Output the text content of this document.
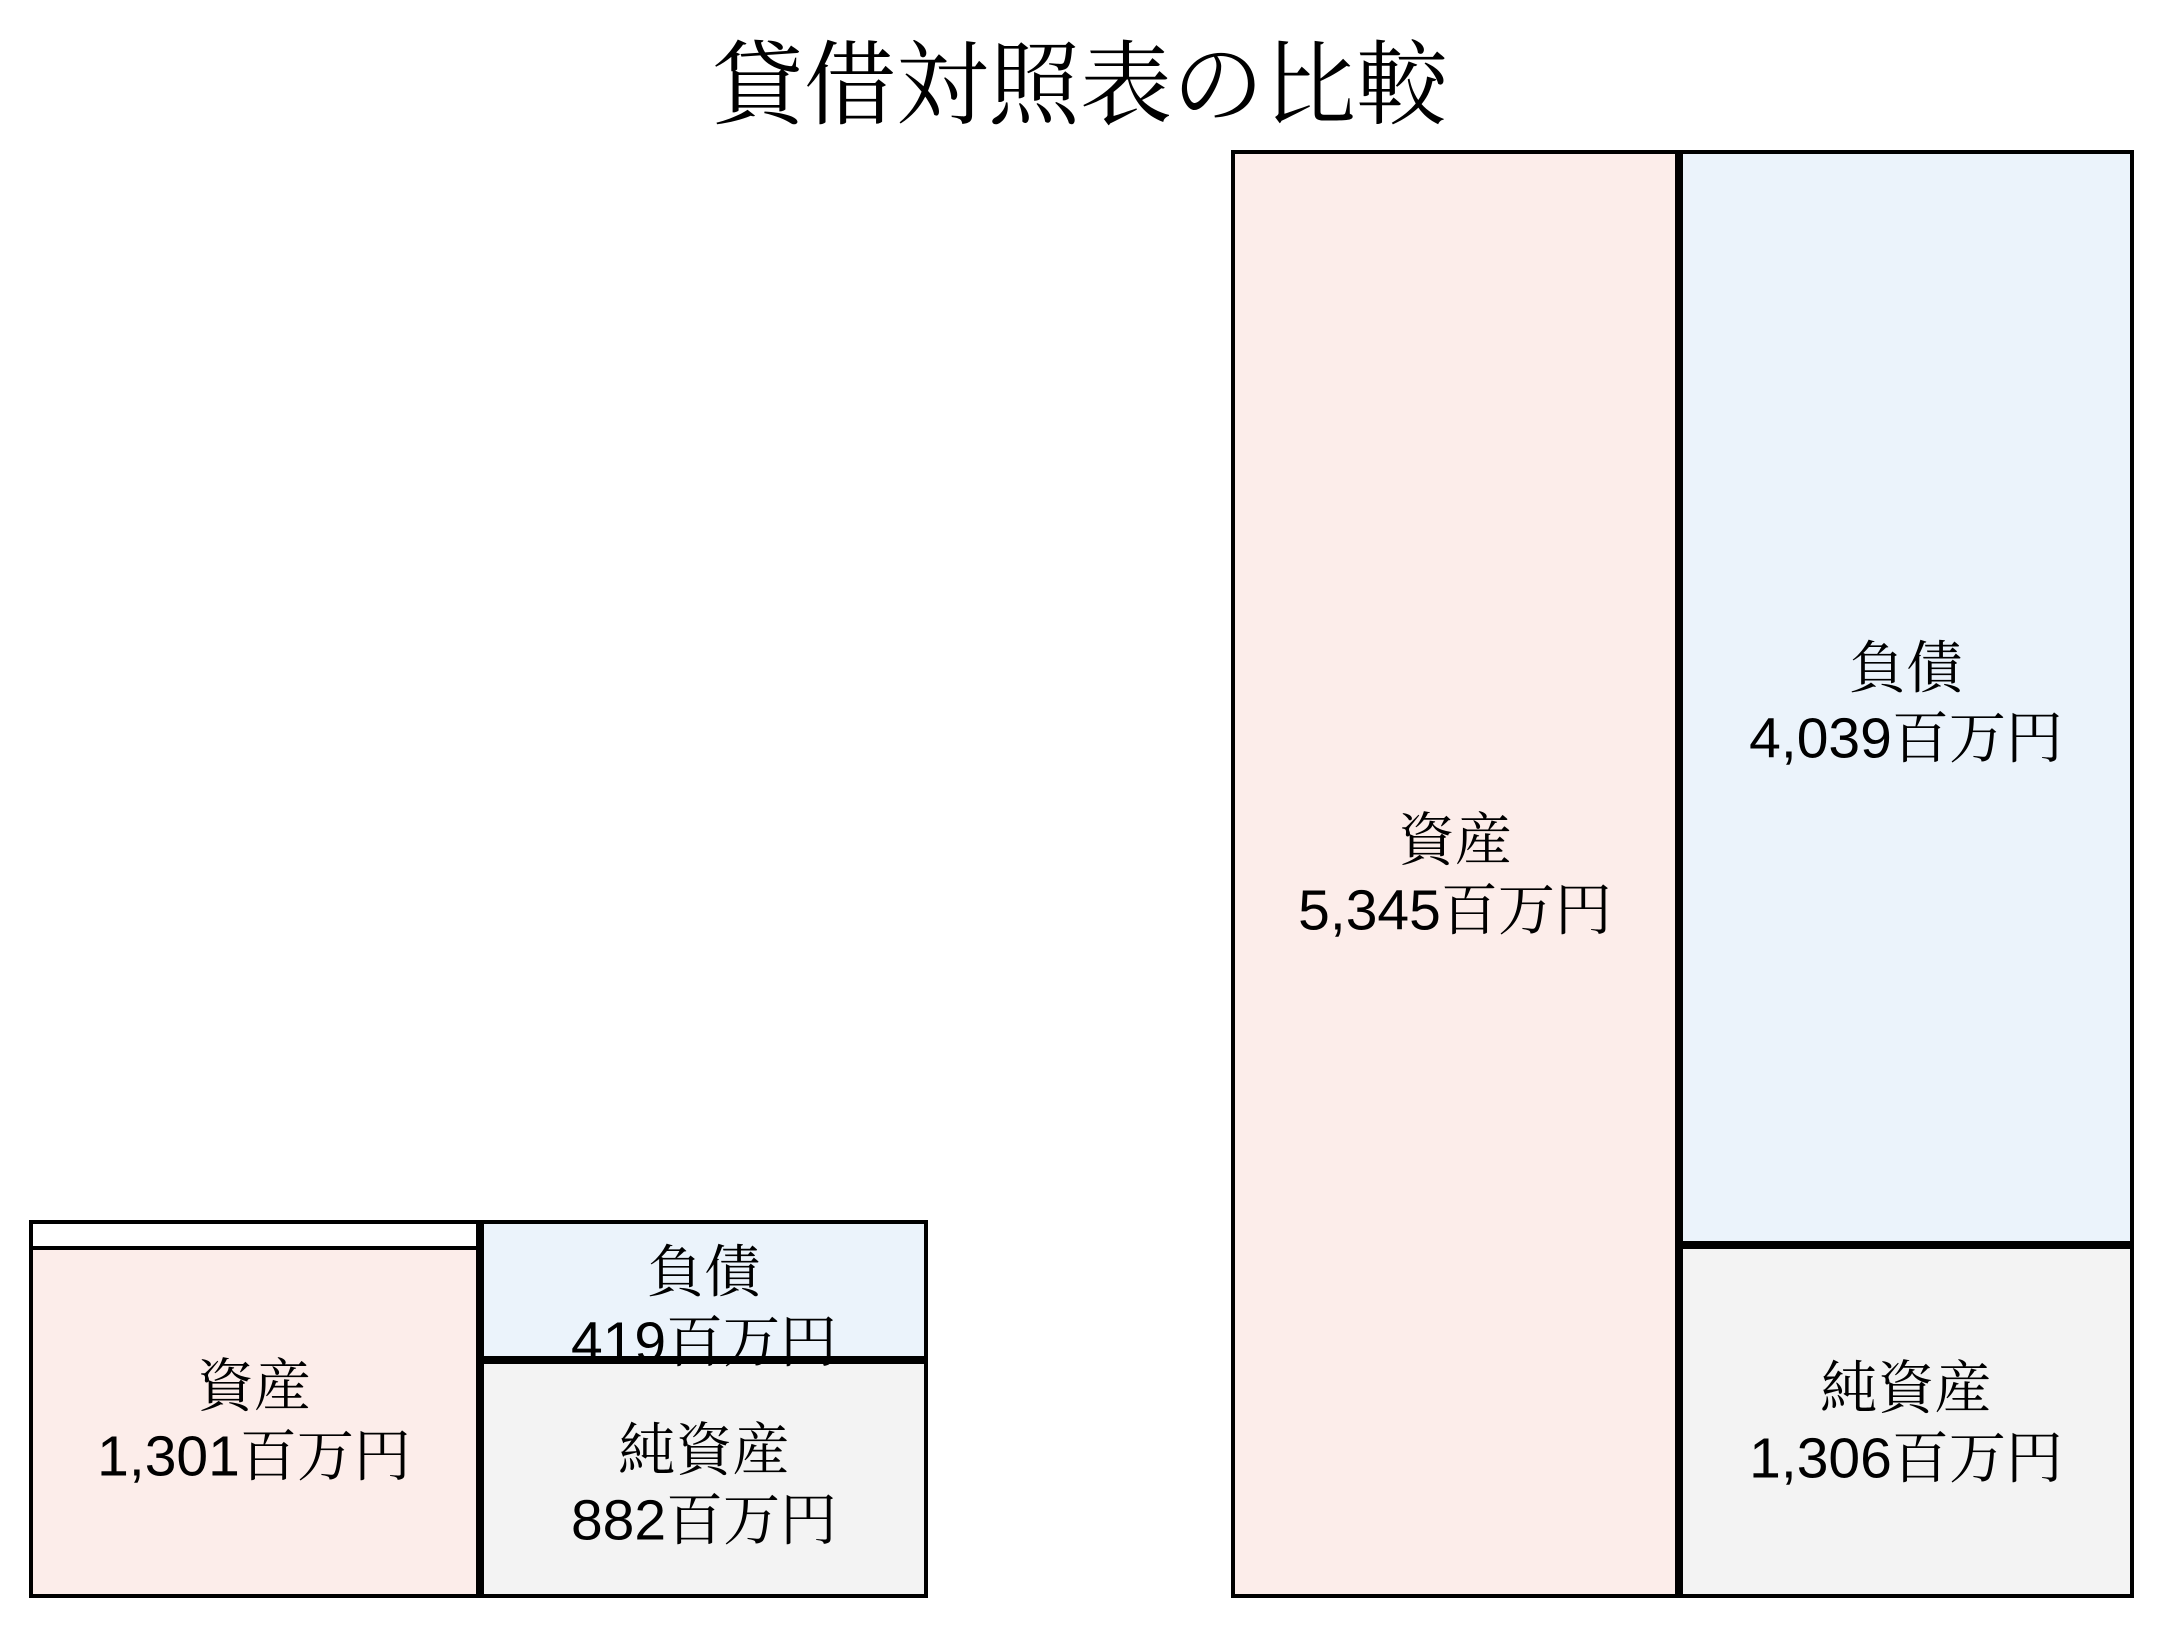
貸借対照表の比較
資産
1,301百万円
負債
419百万円
純資産
882百万円
資産
5,345百万円
負債
4,039百万円
純資産
1,306百万円
